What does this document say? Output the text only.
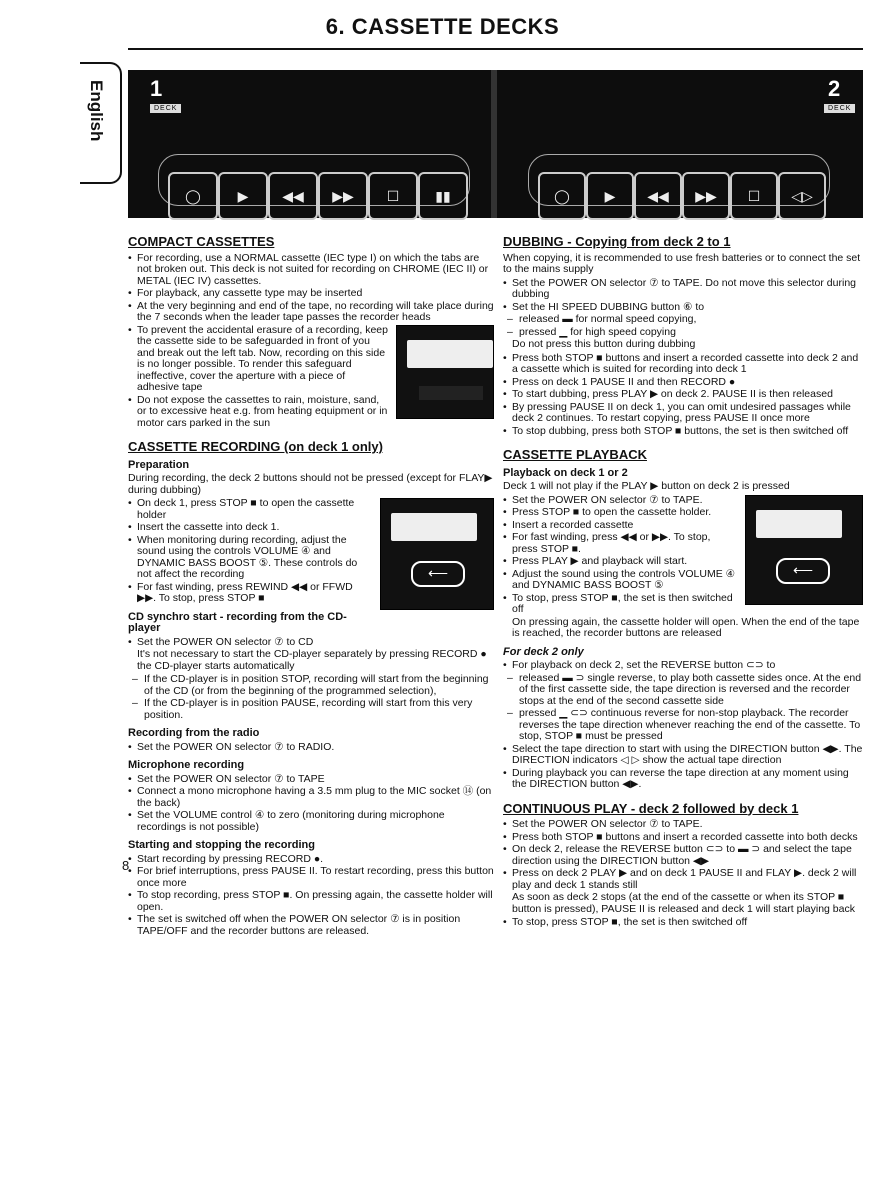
6. CASSETTE DECKS
English 1
DECK
2
DECK
◯	▶	◀◀	▶▶	☐	▮▮	◯	▶	◀◀	▶▶	☐	◁▷
COMPACT CASSETTES
• For recording, use a NORMAL cassette (IEC type I) on which the tabs are not broken out. This deck is not suited for recording on CHROME (IEC II) or METAL (IEC IV) cassettes.
• For playback, any cassette type may be inserted
• At the very beginning and end of the tape, no recording will take place during the 7 seconds when the leader tape passes the recorder heads
• To prevent the accidental erasure of a recording, keep the cassette side to be safeguarded in front of you and break out the left tab. Now, recording on this side is no longer possible. To render this safeguard ineffective, cover the aperture with a piece of adhesive tape
• Do not expose the cassettes to rain, moisture, sand, or to excessive heat e.g. from heating equipment or in motor cars parked in the sun
CASSETTE RECORDING (on deck 1 only)
Preparation

During recording, the deck 2 buttons should not be pressed (except for FLAY▶ during dubbing)

⟵
• On deck 1, press STOP ■ to open the cassette holder
• Insert the cassette into deck 1.
• When monitoring during recording, adjust the sound using the controls VOLUME ④ and DYNAMIC BASS BOOST ⑤. These controls do not affect the recording
• For fast winding, press REWIND ◀◀ or FFWD ▶▶. To stop, press STOP ■
CD synchro start - recording from the CD-player
• Set the POWER ON selector ⑦ to CD

It's not necessary to start the CD-player separately by pressing RECORD ● the CD-player starts automatically

– If the CD-player is in position STOP, recording will start from the beginning of the CD (or from the beginning of the programmed selection),
– If the CD-player is in position PAUSE, recording will start from this very position.
Recording from the radio
• Set the POWER ON selector ⑦ to RADIO.
Microphone recording
• Set the POWER ON selector ⑦ to TAPE
• Connect a mono microphone having a 3.5 mm plug to the MIC socket ⑭ (on the back)
• Set the VOLUME control ④ to zero (monitoring during microphone recordings is not possible)
Starting and stopping the recording
• Start recording by pressing RECORD ●.
• For brief interruptions, press PAUSE II. To restart recording, press this button once more
• To stop recording, press STOP ■. On pressing again, the cassette holder will open.
• The set is switched off when the POWER ON selector ⑦ is in position TAPE/OFF and the recorder buttons are released.
DUBBING - Copying from deck 2 to 1

When copying, it is recommended to use fresh batteries or to connect the set to the mains supply

• Set the POWER ON selector ⑦ to TAPE. Do not move this selector during dubbing
• Set the HI SPEED DUBBING button ⑥ to
– released ▬ for normal speed copying,
– pressed ▁ for high speed copying

Do not press this button during dubbing

• Press both STOP ■ buttons and insert a recorded cassette into deck 2 and a cassette which is suited for recording into deck 1
• Press on deck 1 PAUSE II and then RECORD ●
• To start dubbing, press PLAY ▶ on deck 2. PAUSE II is then released
• By pressing PAUSE II on deck 1, you can omit undesired passages while deck 2 continues. To restart copying, press PAUSE II once more
• To stop dubbing, press both STOP ■ buttons, the set is then switched off
CASSETTE PLAYBACK
Playback on deck 1 or 2

Deck 1 will not play if the PLAY ▶ button on deck 2 is pressed

⟵
• Set the POWER ON selector ⑦ to TAPE.
• Press STOP ■ to open the cassette holder.
• Insert a recorded cassette
• For fast winding, press ◀◀ or ▶▶. To stop, press STOP ■.
• Press PLAY ▶ and playback will start.
• Adjust the sound using the controls VOLUME ④ and DYNAMIC BASS BOOST ⑤
• To stop, press STOP ■, the set is then switched off

On pressing again, the cassette holder will open. When the end of the tape is reached, the recorder buttons are released

For deck 2 only
• For playback on deck 2, set the REVERSE button ⊂⊃ to
– released ▬ ⊃ single reverse, to play both cassette sides once. At the end of the first cassette side, the tape direction is reversed and the recorder stops at the end of the second cassette side
– pressed ▁ ⊂⊃ continuous reverse for non-stop playback. The recorder reverses the tape direction whenever reaching the end of the cassette. To stop, STOP ■ must be pressed
• Select the tape direction to start with using the DIRECTION button ◀▶. The DIRECTION indicators ◁ ▷ show the actual tape direction
• During playback you can reverse the tape direction at any moment using the DIRECTION button ◀▶.
CONTINUOUS PLAY - deck 2 followed by deck 1
• Set the POWER ON selector ⑦ to TAPE.
• Press both STOP ■ buttons and insert a recorded cassette into both decks
• On deck 2, release the REVERSE button ⊂⊃ to ▬ ⊃ and select the tape direction using the DIRECTION button ◀▶
• Press on deck 2 PLAY ▶ and on deck 1 PAUSE II and FLAY ▶. deck 2 will play and deck 1 stands still

As soon as deck 2 stops (at the end of the cassette or when its STOP ■ button is pressed), PAUSE II is released and deck 1 will start playing back

• To stop, press STOP ■, the set is then switched off
8
